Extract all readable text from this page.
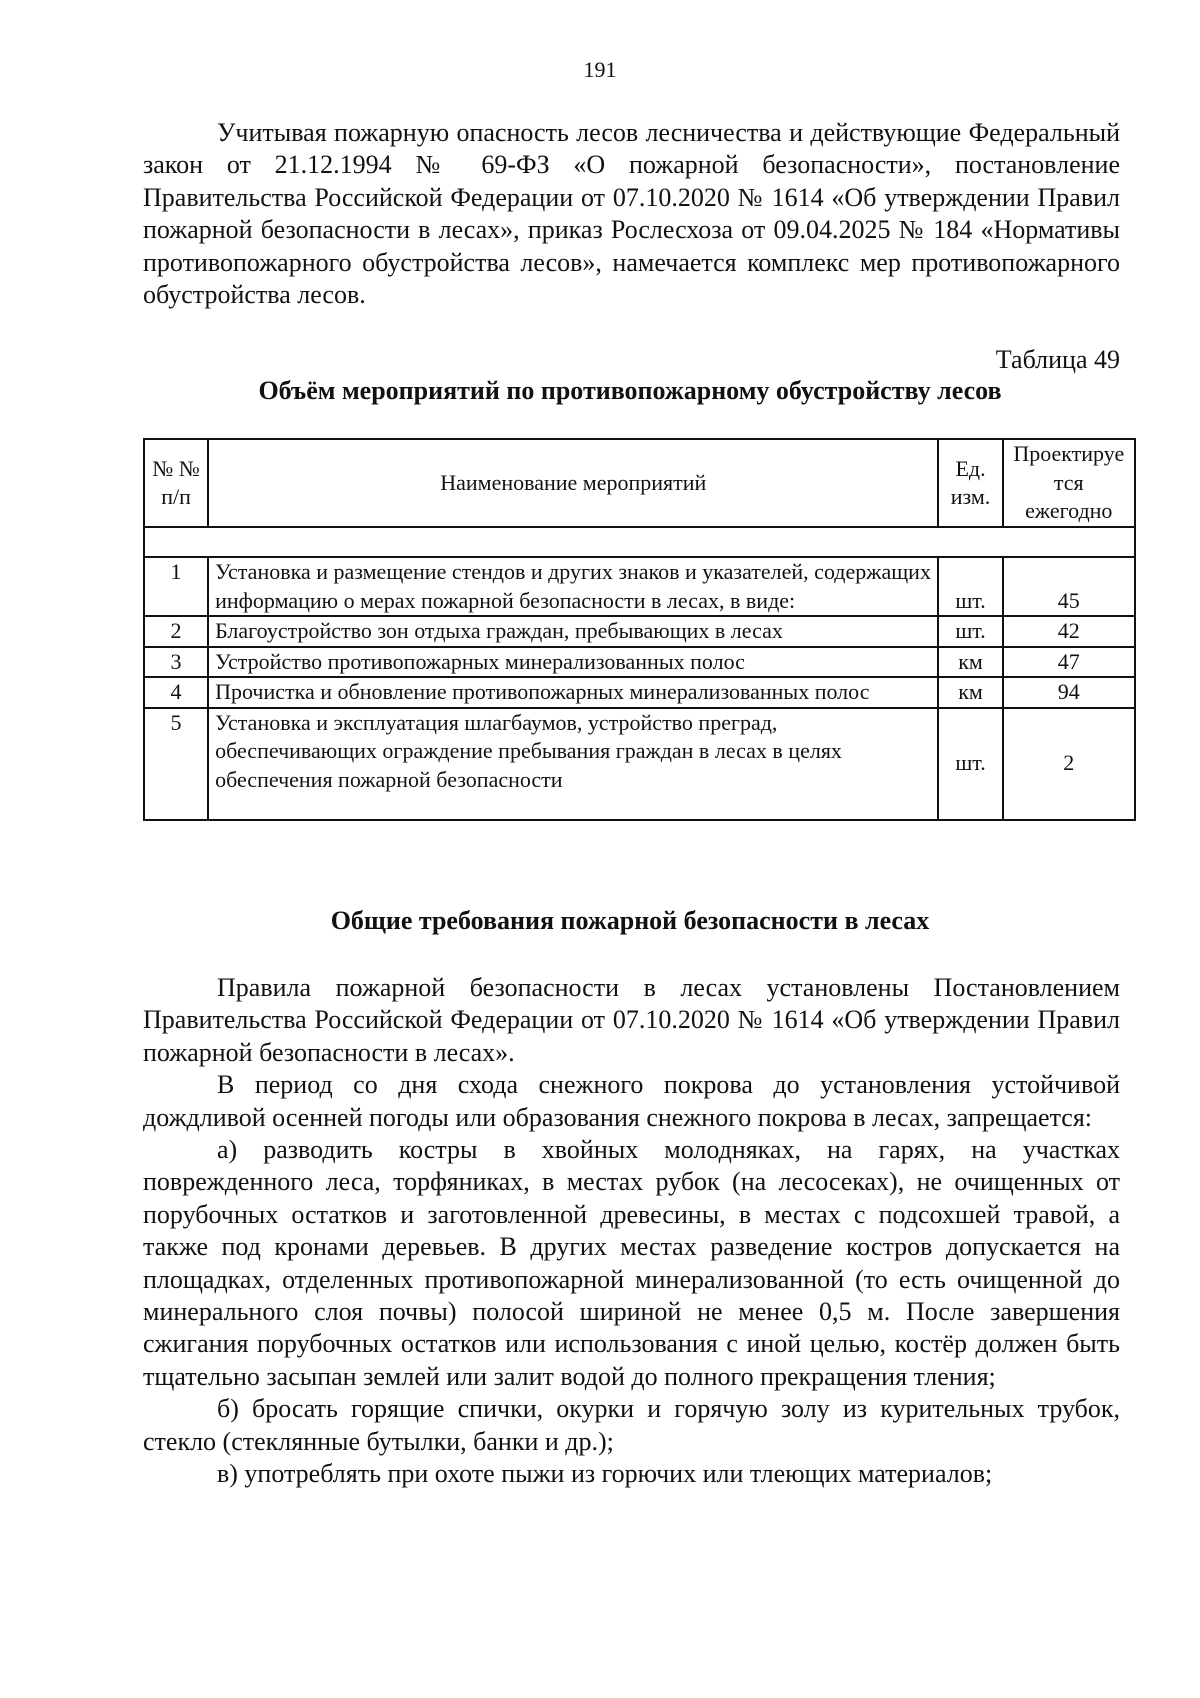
191

Учитывая пожарную опасность лесов лесничества и действующие Федеральный закон от 21.12.1994 № 69-ФЗ «О пожарной безопасности», постановление Правительства Российской Федерации от 07.10.2020 № 1614 «Об утверждении Правил пожарной безопасности в лесах», приказ Рослесхоза от 09.04.2025 № 184 «Нормативы противопожарного обустройства лесов», намечается комплекс мер противопожарного обустройства лесов.

Таблица 49
Объём мероприятий по противопожарному обустройству лесов
№ № п/п	Наименование мероприятий	Ед. изм.	Проектируе тся ежегодно

1	Установка и размещение стендов и других знаков и указателей, содержащих информацию о мерах пожарной безопасности в лесах, в виде:	шт.	45
2	Благоустройство зон отдыха граждан, пребывающих в лесах	шт.	42
3	Устройство противопожарных минерализованных полос	км	47
4	Прочистка и обновление противопожарных минерализованных полос	км	94
5	Установка и эксплуатация шлагбаумов, устройство преград, обеспечивающих ограждение пребывания граждан в лесах в целях обеспечения пожарной безопасности	шт.	2
Общие требования пожарной безопасности в лесах

Правила пожарной безопасности в лесах установлены Постановлением Правительства Российской Федерации от 07.10.2020 № 1614 «Об утверждении Правил пожарной безопасности в лесах».

В период со дня схода снежного покрова до установления устойчивой дождливой осенней погоды или образования снежного покрова в лесах, запрещается:

а) разводить костры в хвойных молодняках, на гарях, на участках поврежденного леса, торфяниках, в местах рубок (на лесосеках), не очищенных от порубочных остатков и заготовленной древесины, в местах с подсохшей травой, а также под кронами деревьев. В других местах разведение костров допускается на площадках, отделенных противопожарной минерализованной (то есть очищенной до минерального слоя почвы) полосой шириной не менее 0,5 м. После завершения сжигания порубочных остатков или использования с иной целью, костёр должен быть тщательно засыпан землей или залит водой до полного прекращения тления;

б) бросать горящие спички, окурки и горячую золу из курительных трубок, стекло (стеклянные бутылки, банки и др.);

в) употреблять при охоте пыжи из горючих или тлеющих материалов;
